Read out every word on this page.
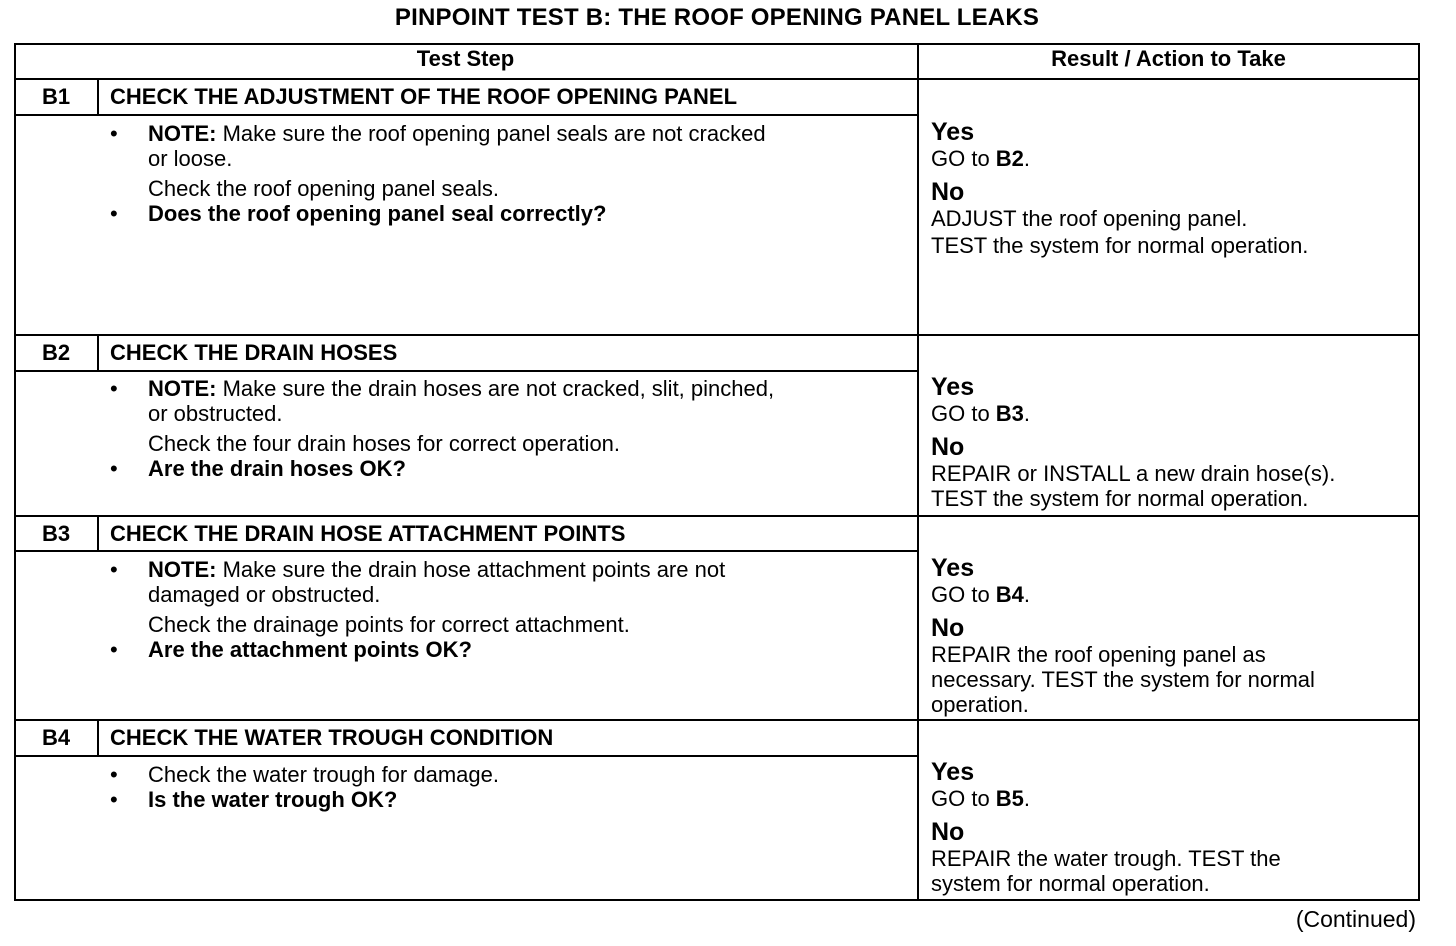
PINPOINT TEST B: THE ROOF OPENING PANEL LEAKS
Test Step	Result / Action to Take
B1	CHECK THE ADJUSTMENT OF THE ROOF OPENING PANEL
• NOTE: Make sure the roof opening panel seals are not cracked
or loose.
Check the roof opening panel seals.
• Does the roof opening panel seal correctly?
Yes
GO to B2.
No
ADJUST the roof opening panel.
TEST the system for normal operation.
B2	CHECK THE DRAIN HOSES
• NOTE: Make sure the drain hoses are not cracked, slit, pinched,
or obstructed.
Check the four drain hoses for correct operation.
• Are the drain hoses OK?
Yes
GO to B3.
No
REPAIR or INSTALL a new drain hose(s).
TEST the system for normal operation.
B3	CHECK THE DRAIN HOSE ATTACHMENT POINTS
• NOTE: Make sure the drain hose attachment points are not
damaged or obstructed.
Check the drainage points for correct attachment.
• Are the attachment points OK?
Yes
GO to B4.
No
REPAIR the roof opening panel as
necessary. TEST the system for normal
operation.
B4	CHECK THE WATER TROUGH CONDITION
• Check the water trough for damage.
• Is the water trough OK?
Yes
GO to B5.
No
REPAIR the water trough. TEST the
system for normal operation.
(Continued)
